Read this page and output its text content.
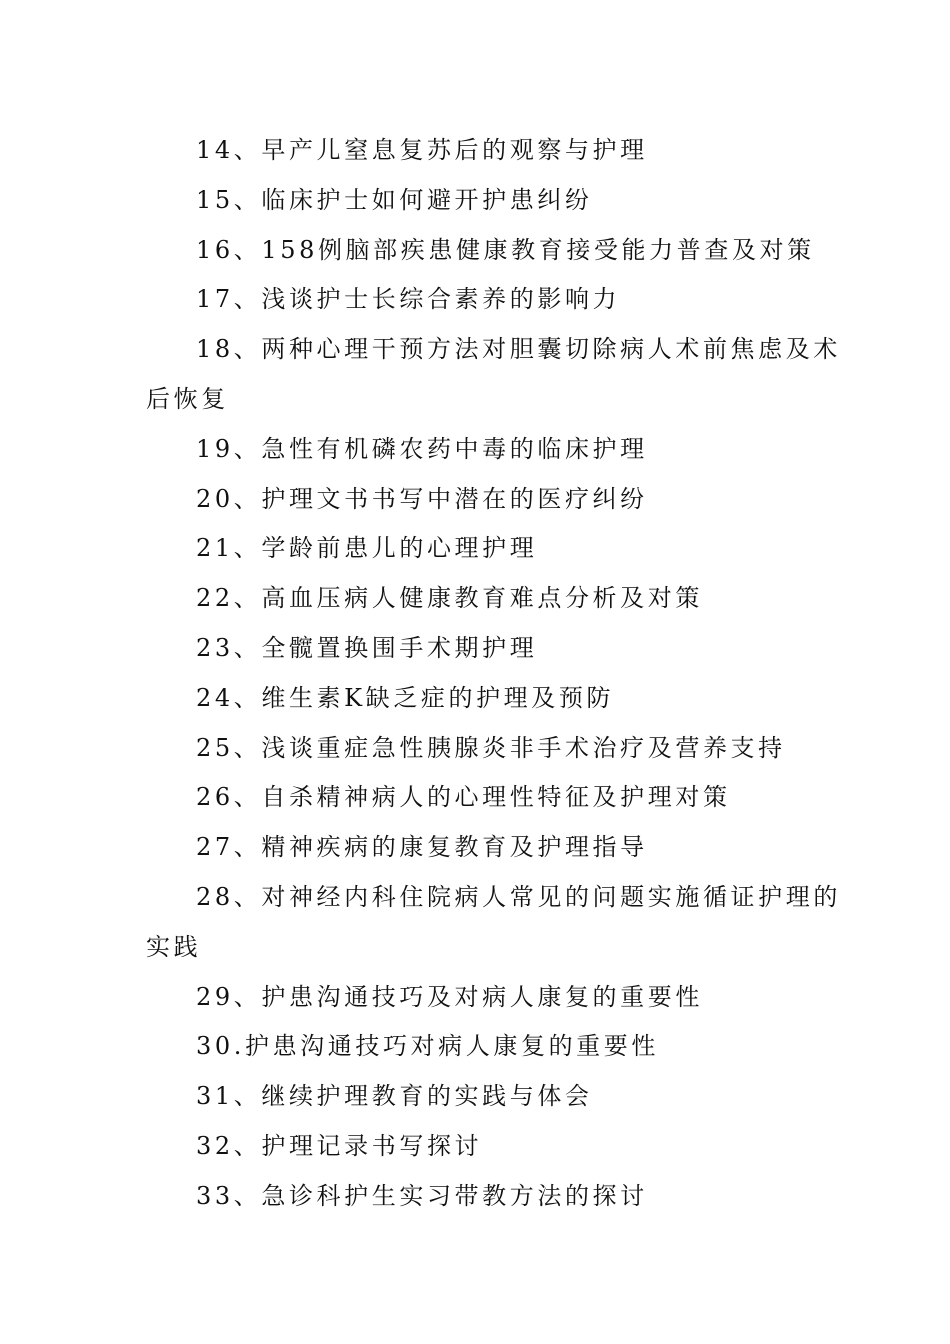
14、早产儿窒息复苏后的观察与护理
15、临床护士如何避开护患纠纷
16、158例脑部疾患健康教育接受能力普查及对策
17、浅谈护士长综合素养的影响力
18、两种心理干预方法对胆囊切除病人术前焦虑及术
后恢复
19、急性有机磷农药中毒的临床护理
20、护理文书书写中潜在的医疗纠纷
21、学龄前患儿的心理护理
22、高血压病人健康教育难点分析及对策
23、全髋置换围手术期护理
24、维生素K缺乏症的护理及预防
25、浅谈重症急性胰腺炎非手术治疗及营养支持
26、自杀精神病人的心理性特征及护理对策
27、精神疾病的康复教育及护理指导
28、对神经内科住院病人常见的问题实施循证护理的
实践
29、护患沟通技巧及对病人康复的重要性
30.护患沟通技巧对病人康复的重要性
31、继续护理教育的实践与体会
32、护理记录书写探讨
33、急诊科护生实习带教方法的探讨
